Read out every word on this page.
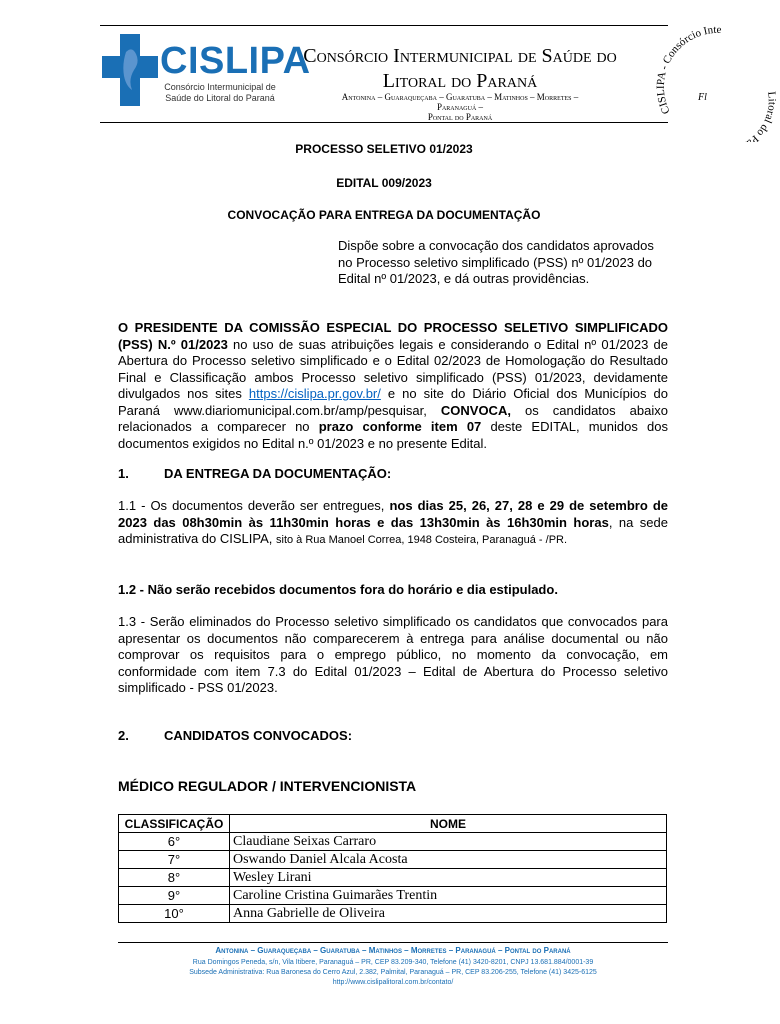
CISLIPA
Consórcio Intermunicipal de Saúde do Litoral do Paraná
Consórcio Intermunicipal de Saúde do
Litoral do Paraná
Antonina – Guaraqueçaba – Guaratuba – Matinhos – Morretes –
Paranaguá –
Pontal do Paraná
CISLIPA - Consórcio Inte
Litoral do P
Fl
PROCESSO SELETIVO 01/2023
EDITAL 009/2023
CONVOCAÇÃO PARA ENTREGA DA DOCUMENTAÇÃO
Dispõe sobre a convocação dos candidatos aprovados no Processo seletivo simplificado (PSS) nº 01/2023 do Edital nº 01/2023, e dá outras providências.
O PRESIDENTE DA COMISSÃO ESPECIAL DO PROCESSO SELETIVO SIMPLIFICADO (PSS) N.º 01/2023 no uso de suas atribuições legais e considerando o Edital nº 01/2023 de Abertura do Processo seletivo simplificado e o Edital 02/2023 de Homologação do Resultado Final e Classificação ambos Processo seletivo simplificado (PSS) 01/2023, devidamente divulgados nos sites https://cislipa.pr.gov.br/ e no site do Diário Oficial dos Municípios do Paraná www.diariomunicipal.com.br/amp/pesquisar, CONVOCA, os candidatos abaixo relacionados a comparecer no prazo conforme item 07 deste EDITAL, munidos dos documentos exigidos no Edital n.º 01/2023 e no presente Edital.
1.	DA ENTREGA DA DOCUMENTAÇÃO:
1.1 - Os documentos deverão ser entregues, nos dias 25, 26, 27, 28 e 29 de setembro de 2023 das 08h30min às 11h30min horas e das 13h30min às 16h30min horas, na sede administrativa do CISLIPA, sito à Rua Manoel Correa, 1948 Costeira, Paranaguá - /PR.
1.2 - Não serão recebidos documentos fora do horário e dia estipulado.
1.3 - Serão eliminados do Processo seletivo simplificado os candidatos que convocados para apresentar os documentos não comparecerem à entrega para análise documental ou não comprovar os requisitos para o emprego público, no momento da convocação, em conformidade com item 7.3 do Edital 01/2023 – Edital de Abertura do Processo seletivo simplificado - PSS 01/2023.
2.	CANDIDATOS CONVOCADOS:
MÉDICO REGULADOR / INTERVENCIONISTA
CLASSIFICAÇÃO	NOME
6°	Claudiane Seixas Carraro
7°	Oswando Daniel Alcala Acosta
8°	Wesley Lirani
9°	Caroline Cristina Guimarães Trentin
10°	Anna Gabrielle de Oliveira
Antonina – Guaraqueçaba – Guaratuba – Matinhos – Morretes – Paranaguá – Pontal do Paraná
Rua Domingos Peneda, s/n, Vila Itibere, Paranaguá – PR, CEP 83.209-340, Telefone (41) 3420-8201, CNPJ 13.681.884/0001-39
Subsede Administrativa: Rua Baronesa do Cerro Azul, 2.382, Palmital, Paranaguá – PR, CEP 83.206-255, Telefone (41) 3425-6125
http://www.cislipalitoral.com.br/contato/
